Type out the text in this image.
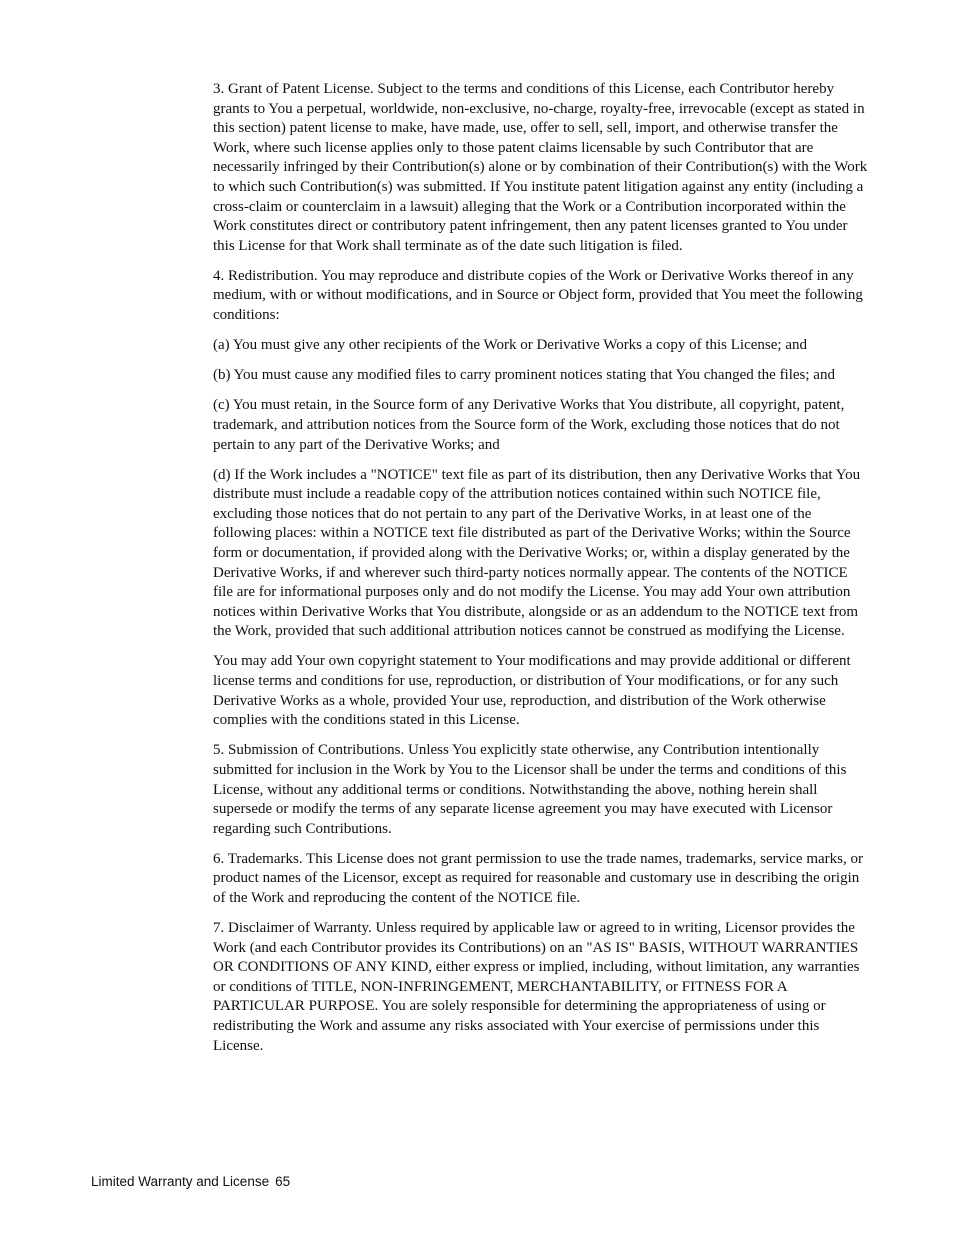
3. Grant of Patent License. Subject to the terms and conditions of this License, each Contributor hereby grants to You a perpetual, worldwide, non-exclusive, no-charge, royalty-free, irrevocable (except as stated in this section) patent license to make, have made, use, offer to sell, sell, import, and otherwise transfer the Work, where such license applies only to those patent claims licensable by such Contributor that are necessarily infringed by their Contribution(s) alone or by combination of their Contribution(s) with the Work to which such Contribution(s) was submitted. If You institute patent litigation against any entity (including a cross-claim or counterclaim in a lawsuit) alleging that the Work or a Contribution incorporated within the Work constitutes direct or contributory patent infringement, then any patent licenses granted to You under this License for that Work shall terminate as of the date such litigation is filed.

4. Redistribution. You may reproduce and distribute copies of the Work or Derivative Works thereof in any medium, with or without modifications, and in Source or Object form, provided that You meet the following conditions:

(a) You must give any other recipients of the Work or Derivative Works a copy of this License; and

(b) You must cause any modified files to carry prominent notices stating that You changed the files; and

(c) You must retain, in the Source form of any Derivative Works that You distribute, all copyright, patent, trademark, and attribution notices from the Source form of the Work, excluding those notices that do not pertain to any part of the Derivative Works; and

(d) If the Work includes a "NOTICE" text file as part of its distribution, then any Derivative Works that You distribute must include a readable copy of the attribution notices contained within such NOTICE file, excluding those notices that do not pertain to any part of the Derivative Works, in at least one of the following places: within a NOTICE text file distributed as part of the Derivative Works; within the Source form or documentation, if provided along with the Derivative Works; or, within a display generated by the Derivative Works, if and wherever such third-party notices normally appear. The contents of the NOTICE file are for informational purposes only and do not modify the License. You may add Your own attribution notices within Derivative Works that You distribute, alongside or as an addendum to the NOTICE text from the Work, provided that such additional attribution notices cannot be construed as modifying the License.

You may add Your own copyright statement to Your modifications and may provide additional or different license terms and conditions for use, reproduction, or distribution of Your modifications, or for any such Derivative Works as a whole, provided Your use, reproduction, and distribution of the Work otherwise complies with the conditions stated in this License.

5. Submission of Contributions. Unless You explicitly state otherwise, any Contribution intentionally submitted for inclusion in the Work by You to the Licensor shall be under the terms and conditions of this License, without any additional terms or conditions. Notwithstanding the above, nothing herein shall supersede or modify the terms of any separate license agreement you may have executed with Licensor regarding such Contributions.

6. Trademarks. This License does not grant permission to use the trade names, trademarks, service marks, or product names of the Licensor, except as required for reasonable and customary use in describing the origin of the Work and reproducing the content of the NOTICE file.

7. Disclaimer of Warranty. Unless required by applicable law or agreed to in writing, Licensor provides the Work (and each Contributor provides its Contributions) on an "AS IS" BASIS, WITHOUT WARRANTIES OR CONDITIONS OF ANY KIND, either express or implied, including, without limitation, any warranties or conditions of TITLE, NON-INFRINGEMENT, MERCHANTABILITY, or FITNESS FOR A PARTICULAR PURPOSE. You are solely responsible for determining the appropriateness of using or redistributing the Work and assume any risks associated with Your exercise of permissions under this License.

Limited Warranty and License 65
